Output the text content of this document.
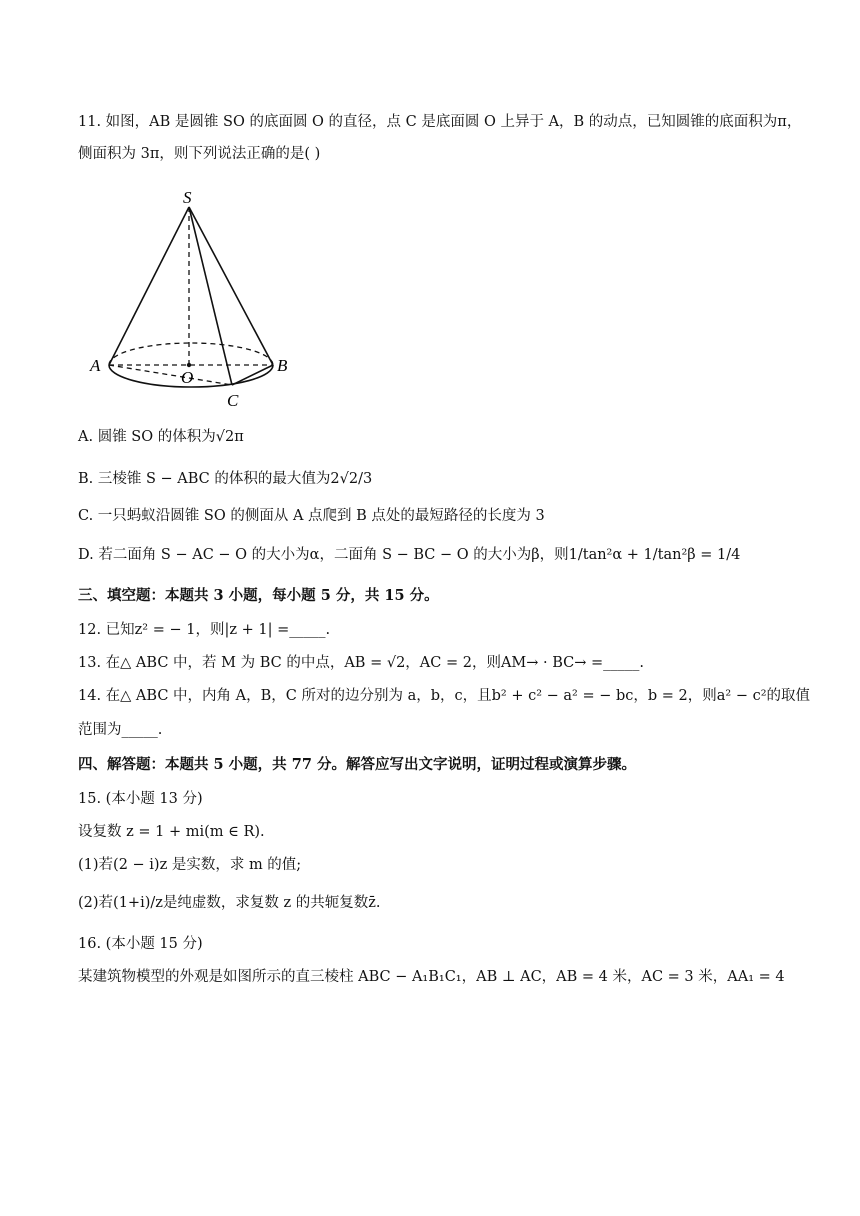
11. 如图，AB 是圆锥 SO 的底面圆 O 的直径，点 C 是底面圆 O 上异于 A，B 的动点，已知圆锥的底面积为π，
侧面积为 3π，则下列说法正确的是( )
S
A	B
O
C
A. 圆锥 SO 的体积为√2π
B. 三棱锥 S − ABC 的体积的最大值为2√2/3
C. 一只蚂蚁沿圆锥 SO 的侧面从 A 点爬到 B 点处的最短路径的长度为 3
D. 若二面角 S − AC − O 的大小为α，二面角 S − BC − O 的大小为β，则1/tan²α + 1/tan²β = 1/4
三、填空题：本题共 3 小题，每小题 5 分，共 15 分。
12. 已知z² = − 1，则|z + 1| =_____.
13. 在△ ABC 中，若 M 为 BC 的中点，AB = √2，AC = 2，则AM→ · BC→ =_____.
14. 在△ ABC 中，内角 A，B，C 所对的边分别为 a，b，c，且b² + c² − a² = − bc，b = 2，则a² − c²的取值
范围为_____.
四、解答题：本题共 5 小题，共 77 分。解答应写出文字说明，证明过程或演算步骤。
15. (本小题 13 分)
设复数 z = 1 + mi(m ∈ R).
(1)若(2 − i)z 是实数，求 m 的值;
(2)若(1+i)/z是纯虚数，求复数 z 的共轭复数z̄.
16. (本小题 15 分)
某建筑物模型的外观是如图所示的直三棱柱 ABC − A₁B₁C₁，AB ⊥ AC，AB = 4 米，AC = 3 米，AA₁ = 4
